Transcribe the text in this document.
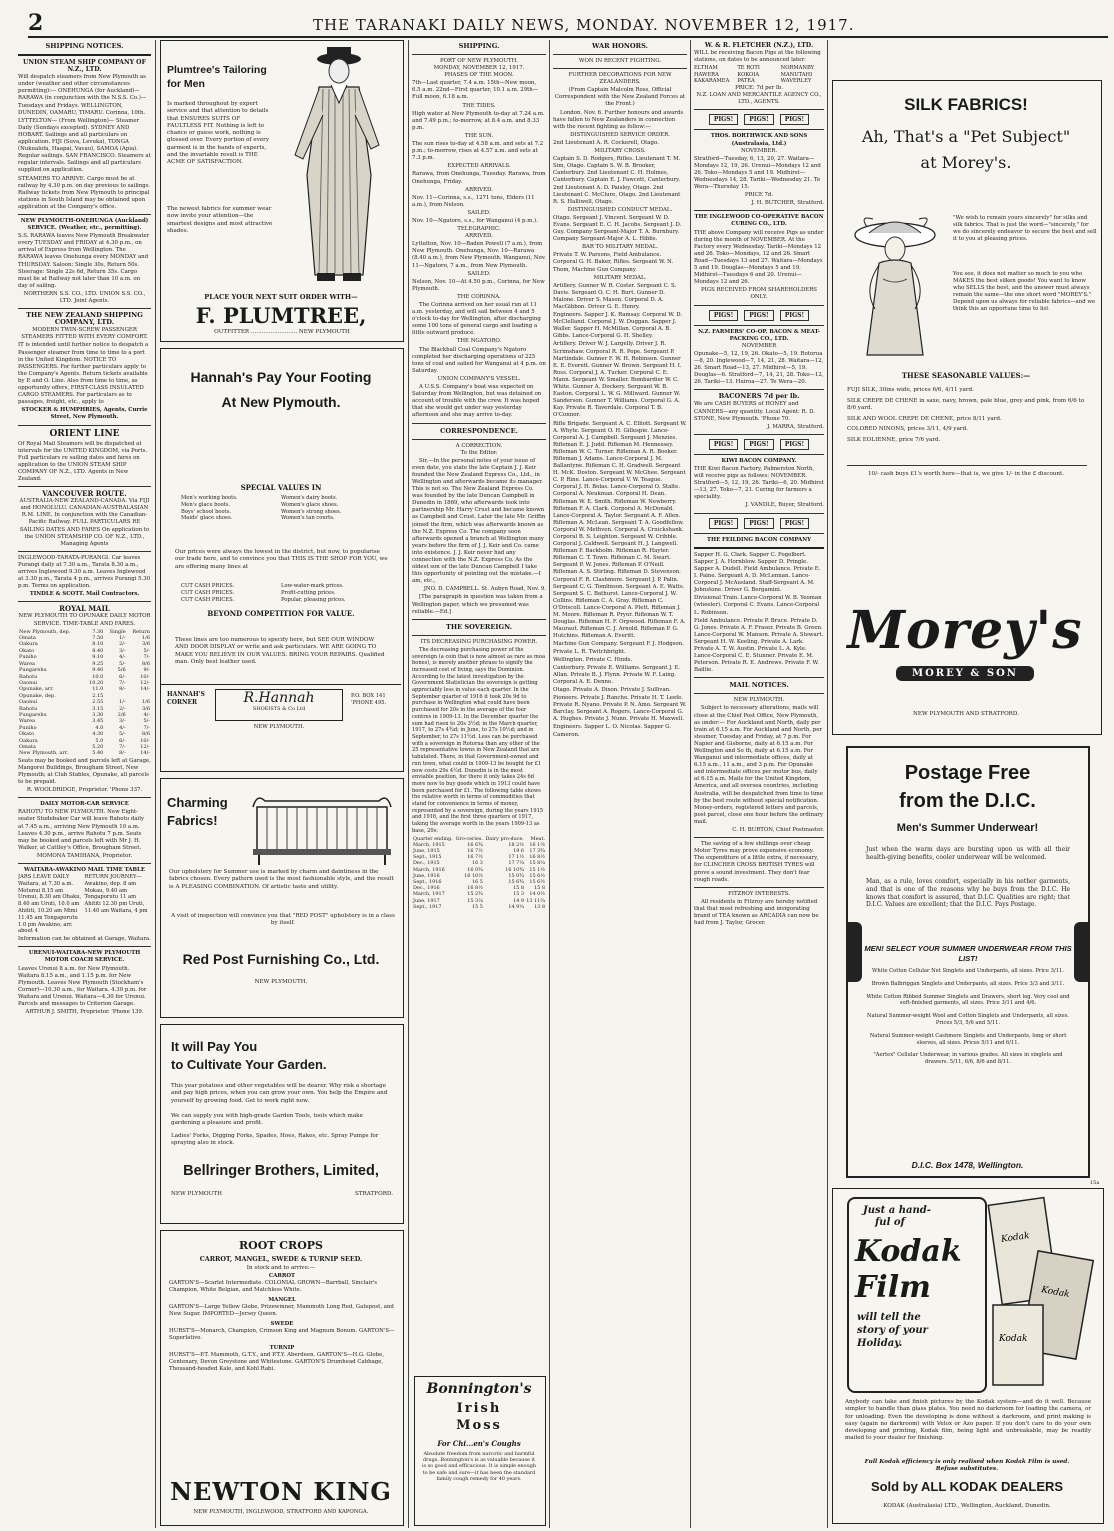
2	THE TARANAKI DAILY NEWS, MONDAY. NOVEMBER 12, 1917.
SHIPPING NOTICES.
UNION STEAM SHIP COMPANY OF N.Z., LTD.
Will despatch steamers from New Plymouth as under (weather and other circumstances permitting):— ONEHUNGA (for Auckland)— RARAWA (in conjunction with the N.S.S. Co.)—Tuesdays and Fridays. WELLINGTON, DUNEDIN, OAMARU, TIMARU. Corinna, 10th.
LYTTELTON— (From Wellington)— Steamer Daily (Sundays excepted). SYDNEY AND HOBART. Sailings and all particulars on application. FIJI (Suva, Levuka), TONGA (Nukualofa, Haapai, Vavau), SAMOA (Apia). Regular sailings. SAN FRANCISCO. Steamers at regular intervals. Sailings and all particulars supplied on application.
STEAMERS TO ARRIVE. Cargo must be at railway by 4.30 p.m. on day previous to sailings. Railway tickets from New Plymouth to principal stations in South Island may be obtained upon application at the Company's office.
NEW PLYMOUTH-ONEHUNGA (Auckland) SERVICE. (Weather, etc., permitting).
S.S. RARAWA leaves New Plymouth Breakwater every TUESDAY and FRIDAY at 4.30 p.m., on arrival of Express from Wellington. The RARAWA leaves Onehunga every MONDAY and THURSDAY. Saloon: Single 30s, Return 50s. Steerage: Single 22s 6d, Return 35s. Cargo must be at Railway not later than 10 a.m. on day of sailing.
NORTHERN S.S. CO., LTD. UNION S.S. CO., LTD. Joint Agents.
THE NEW ZEALAND SHIPPING COMPANY, LTD.
MODERN TWIN-SCREW PASSENGER STEAMERS FITTED WITH EVERY COMFORT.
IT is intended until further notice to despatch a Passenger steamer from time to time to a port in the United Kingdom. NOTICE TO PASSENGERS. For further particulars apply to the Company's Agents. Return tickets available by P. and O. Line. Also from time to time, as opportunity offers, FIRST-CLASS INSULATED CARGO STEAMERS. For particulars as to passages, freight, etc., apply to
STOCKER & HUMPHRIES, Agents, Currie Street, New Plymouth.
ORIENT LINE
Of Royal Mail Steamers will be dispatched at intervals for the UNITED KINGDOM, via Ports. Full particulars re sailing dates and fares on application to the UNION STEAM SHIP COMPANY OF N.Z., LTD. Agents in New Zealand.
VANCOUVER ROUTE.
AUSTRALIA-NEW ZEALAND-CANADA. Via FIJI and HONOLULU. CANADIAN-AUSTRALASIAN R.M. LINE. In conjunction with the Canadian-Pacific Railway. FULL PARTICULARS RE SAILING DATES AND FARES On application to the UNION STEAMSHIP CO. OF N.Z., LTD., Managing Agents
INGLEWOOD-TARATA-PURANGI. Car leaves Purangi daily at 7.30 a.m., Tarata 8.30 a.m., arrives Inglewood 9.30 a.m. Leaves Inglewood at 3.30 p.m., Tarata 4 p.m., arrives Purangi 5.30 p.m. Terms on application.
TINDLE & SCOTT. Mail Contractors.
ROYAL MAIL
NEW PLYMOUTH TO OPUNAKE DAILY MOTOR SERVICE. TIME-TABLE AND FARES.
New Plymouth, dep.	7.30	Single	Return
Omata	7.50	1/-	1/6
Oakura	8.10	2/-	3/6
Okato	8.40	3/-	5/-
Puniho	9.10	4/-	7/-
Warea	9.25	5/-	8/6
Pungarehu	9.40	5/6	9/-
Rahotu	10.0	6/-	10/-
Oaonui	10.20	7/-	12/-
Opunake, arr.	11.0	8/-	14/-
Opunake, dep.	2.15		
Oaonui	2.55	1/-	1/6
Rahotu	3.15	2/-	3/6
Pungarehu	3.30	2/6	4/-
Warea	3.45	3/-	5/-
Puniho	4.0	4/-	7/-
Okato	4.30	5/-	8/6
Oakura	5.0	6/-	10/-
Omata	5.20	7/-	12/-
New Plymouth, arr.	5.40	8/-	14/-
Seats may be booked and parcels left at Garage, Mangorei Buildings, Brougham Street, New Plymouth; at Club Stables, Opunake, all parcels to be prepaid.
R. WOOLDRIDGE, Proprietor. 'Phone 337.
DAILY MOTOR-CAR SERVICE
RAHOTU TO NEW PLYMOUTH. New Eight-seater Studebaker Car will leave Rahotu daily at 7.45 a.m., arriving New Plymouth 10 a.m. Leaves 4.30 p.m., arrive Rahotu 7 p.m. Seats may be booked and parcels left with Mr J. H. Walker, at Cattley's Office, Brougham Street.
MOMONA TAMIHANA, Proprietor.
WAITARA-AWAKINO MAIL TIME TABLE
JARS LEAVE DAILY Waitara, at 7.30 a.m. Motunui 8.15 am Urenui, 8.30 am Ohaku, 8.40 am Uruti, 10.0 am Ahititi, 10.20 am Mimi 11.45 am Tongaporutu 1.0 pm Awakino, arr. about 4
RETURN JOURNEY— Awakino, dep. 8 am Mokau, 9.40 am Tongaporutu 11 am Ahititi 12.30 pm Uruti, 11.40 am Waitara, 4 pm
Information can be obtained at Garage, Waitara.
URENUI-WAITARA-NEW PLYMOUTH MOTOR COACH SERVICE.
Leaves Urenui 8 a.m. for New Plymouth. Waitara 8.15 a.m., and 1.15 p.m. for New Plymouth. Leaves New Plymouth (Stockham's Corner)—10.30 a.m., for Waitara. 4.30 p.m. for Waitara and Urenui. Waitara—4.30 for Urenui. Parcels and messages to Criterion Garage.
ARTHUR J. SMITH, Proprietor. 'Phone 139.
Plumtree's Tailoring for Men
Is marked throughout by expert service and that attention to details that ENSURES SUITS OF FAULTLESS FIT. Nothing is left to chance or guess work, nothing is glossed over. Every portion of every garment is in the hands of experts, and the invariable result is THE ACME OF SATISFACTION.
The newest fabrics for summer wear now invite your attention—the smartest designs and most attractive shades.
PLACE YOUR NEXT SUIT ORDER WITH—
F. PLUMTREE,
OUTFITTER .......................... NEW PLYMOUTH
Hannah's Pay Your Footing
At New Plymouth.
SPECIAL VALUES IN
Men's working boots.
Men's glace boots.
Boys' school boots.
Maids' glace shoes.
Women's dairy boots.
Women's glace shoes.
Women's strong shoes.
Women's tan courts.
Our prices were always the lowest in the district, but now, to popularise our trade here, and to convince you that THIS IS THE SHOP FOR YOU, we are offering many lines at
CUT CASH PRICES.
CUT CASH PRICES.
CUT CASH PRICES.
Low-water-mark prices.
Profit-cutting prices.
Popular, pleasing prices.
BEYOND COMPETITION FOR VALUE.
These lines are too numerous to specify here, but SEE OUR WINDOW AND DOOR DISPLAY or write and ask particulars. WE ARE GOING TO MAKE YOU BELIEVE IN OUR VALUES. BRING YOUR REPAIRS. Qualified man. Only best leather used.
HANNAH'S CORNER	R.Hannah
SHOEISTS & Co Ltd
P.O. BOX 141 'PHONE 495.
NEW PLYMOUTH.
Charming
Fabrics!
Our upholstery for Summer use is marked by charm and daintiness in the fabrics chosen. Every pattern used is the most fashionable style, and the result is A PLEASING COMBINATION. Of artistic taste and utility.
A visit of inspection will convince you that "RED POST" upholstery is in a class by itself.
Red Post Furnishing Co., Ltd.
NEW PLYMOUTH.
It will Pay You
to Cultivate Your Garden.
This year potatoes and other vegetables will be dearer. Why risk a shortage and pay high prices, when you can grow your own. You help the Empire and yourself by growing food. Get to work right now.
We can supply you with high-grade Garden Tools, tools which make gardening a pleasure and profit.
Ladies' Forks, Digging Forks, Spades, Hoes, Rakes, etc. Spray Pumps for spraying also in stock.
Bellringer Brothers, Limited,
NEW PLYMOUTH	STRATFORD.
ROOT CROPS
CARROT, MANGEL, SWEDE & TURNIP SEED.
In stock and to arrive:—
CARROT
GARTON'S—Scarlet Intermediate. COLONIAL GROWN—Barrball, Sinclair's Champion, White Belgian, and Matchless White.
MANGEL
GARTON'S—Large Yellow Globe, Prizewinner, Mammoth Long Red, Gatepost, and New Sugar. IMPORTED—Jersey Queen.
SWEDE
HURST'S—Monarch, Champion, Crimson King and Magnum Bonum. GARTON'S—Superlative.
TURNIP
HURST'S—P.T. Mammoth, G.T.Y., and P.T.Y. Aberdeen. GARTON'S—H.G. Globe, Centenary, Devon Greystone and Whitestone. GARTON'S Drumhead Cabbage, Thousand-headed Kale, and Kohl Rabi.
NEWTON KING
NEW PLYMOUTH, INGLEWOOD, STRATFORD AND KAPONGA.
SHIPPING.
PORT OF NEW PLYMOUTH.
MONDAY, NOVEMBER 12, 1917.
PHASES OF THE MOON.
7th—Last quarter, 7.4 a.m. 15th—New moon, 6.5 a.m. 22nd—First quarter, 10.1 a.m. 29th—Full moon, 6.18 a.m.
THE TIDES.
High water at New Plymouth to-day at 7.24 a.m. and 7.49 p.m.; to-morrow, at 8.4 a.m. and 8.33 p.m.
THE SUN.
The sun rises to-day at 4.58 a.m. and sets at 7.2 p.m.; to-morrow, rises at 4.57 a.m. and sets at 7.3 p.m.
EXPECTED ARRIVALS.
Rarawa, from Onehunga, Tuesday. Rarawa, from Onehunga, Friday.
ARRIVED.
Nov. 11—Corinna, s.s., 1271 tons, Elders (11 a.m.), from Nelson.
SAILED.
Nov. 10—Ngatoro, s.s., for Wanganui (4 p.m.).
TELEGRAPHIC.
ARRIVED.
Lyttelton, Nov. 10—Baden Powell (7 a.m.), from New Plymouth. Onehunga, Nov. 10—Rarawa (8.40 a.m.), from New Plymouth. Wanganui, Nov. 11—Ngatoro, 7 a.m., from New Plymouth.
SAILED.
Nelson, Nov. 10—At 4.50 p.m., Corinna, for New Plymouth.
THE CORINNA.
The Corinna arrived on her usual run at 11 a.m. yesterday, and will sail between 4 and 5 o'clock to-day for Wellington, after discharging some 100 tons of general cargo and loading a little outward produce.
THE NGATORO.
The Blackball Coal Company's Ngatoro completed her discharging operations of 225 tons of coal and sailed for Wanganui at 4 p.m. on Saturday.
UNION COMPANY'S VESSEL.
A U.S.S. Company's boat was expected on Saturday from Wellington, but was detained on account of trouble with the crew. It was hoped that she would get under way yesterday afternoon and she may arrive to-day.
CORRESPONDENCE.
A CORRECTION.
To the Editor.
Sir,—In the personal notes of your issue of even date, you state the late Captain J. J. Keir founded the New Zealand Express Co., Ltd., in Wellington and afterwards became its manager. This is not so. The New Zealand Express Co. was founded by the late Duncan Campbell in Dunedin in 1869, who afterwards took into partnership Mr. Harry Crust and became known as Campbell and Crust. Later the late Mr. Griffin joined the firm, which was afterwards known as the N.Z. Express Co. The company soon afterwards opened a branch at Wellington many years before the firm of J. J. Keir and Co. came into existence. J. J. Keir never had any connection with the N.Z. Express Co. As the oldest son of the late Duncan Campbell I take this opportunity of pointing out the mistake.—I am, etc.,
JNO. D. CAMPBELL. St. Aubyn Road, Nov. 9.
[The paragraph in question was taken from a Wellington paper, which we presumed was reliable.—Ed.]
THE SOVEREIGN.
ITS DECREASING PURCHASING POWER.
The decreasing purchasing power of the sovereign (a coin that is now almost as rare as moa bones), is merely another phrase to signify the increased cost of living, says the Dominion. According to the latest investigation by the Government Statistician the sovereign is getting appreciably less in value each quarter. In the September quarter of 1916 it took 20s 9d to purchase in Wellington what could have been purchased for 20s in the average of the four centres in 1909-13. In the December quarter the sum had risen to 20s 3½d; in the March quarter, 1917, to 27s 4¾d; in June, to 27s 10½d; and in September, to 27s 11½d. Less can be purchased with a sovereign in Rotorua than any other of the 25 representative towns in New Zealand that are tabulated. There, in that Government-owned and run town, what could in 1909-13 be bought for £1 now costs 29s 4½d. Dunedin is in the most enviable position, for there it only takes 24s 6d more now to buy goods which in 1913 could have been purchased for £1. The following table shows the relative worth in terms of commodities that stand for convenience in terms of money, represented by a sovereign, during the years 1915 and 1916, and the first three quarters of 1917, taking the average worth in the years 1909-13 as base, 20s:
Quarter ending.	Gro-ceries.	Dairy pro-duce.	Meat.
March, 1915	16 6¾	18 2½	16 1½
June, 1915	16 7½	19 6	17 3¾
Sept., 1915	16 7½	17 1½	16 8½
Dec., 1915	16 3	17 7¼	15 8¼
March, 1916	16 0¾	16 10¾	15 1½
June, 1916	16 10½	15 0¾	15 6½
Sept., 1916	16 5	15 6¾	15 6½
Dec., 1916	16 8½	15 8	15 8
March, 1917	15 2¾	15 3	14 0½
June, 1917	15 3¼	14 9	13 11¼
Sept., 1917	15 5	14 9¼	13 8
Bonnington's
Irish
Moss
For Chi...en's Coughs
Absolute freedom from narcotic and harmful drugs. Bonnington's is as valuable because it is so good and efficacious. It is simple enough to be safe and sure—it has been the standard family cough remedy for 40 years.
WAR HONORS.
WON IN RECENT FIGHTING.
FURTHER DECORATIONS FOR NEW ZEALANDERS.
(From Captain Malcolm Ross, Official Correspondent with the New Zealand Forces at the Front.)
London, Nov. 6. Further honours and awards have fallen to New Zealanders in connection with the recent fighting as follow:—
DISTINGUISHED SERVICE ORDER.
2nd Lieutenant A. R. Cockerell, Otago.
MILITARY CROSS.
Captain S. D. Rodgers, Rifles. Lieutenant T. M. Sim, Otago. Captain S. W. B. Brooker, Canterbury. 2nd Lieutenant C. H. Holmes, Canterbury. Captain E. J. Fawcett, Canterbury. 2nd Lieutenant A. D. Paisley, Otago. 2nd Lieutenant C. McClure, Otago. 2nd Lieutenant R. S. Halliwell, Otago.
DISTINGUISHED CONDUCT MEDAL.
Otago. Sergeant J. Vincent. Sergeant W. D. Evans. Sergeant E. C. H. Jacobs. Sergeant J. D. Guy. Company Sergeant-Major T. A. Burnbury. Company Sergeant-Major A. L. Hibbs.
BAR TO MILITARY MEDAL.
Private T. W. Parsons, Field Ambulance. Corporal G. H. Baker, Rifles. Sergeant W. N. Thom, Machine Gun Company.
MILITARY MEDAL.
Artillery. Gunner W. R. Coster. Sergeant C. S. Davis. Sergeant O. C. H. Burt. Gunner D. Malone. Driver S. Mason. Corporal D. A. MacGibbon. Driver G. E. Henry.
Engineers. Sapper J. K. Ramsay. Corporal W. D. McClelland. Corporal J. W. Duggan. Sapper J. Waller. Sapper H. McMillan. Corporal A. B. Gibbs. Lance-Corporal G. H. Shelley.
Artillery. Driver W. J. Largelly. Driver J. R. Scrimshaw. Corporal R. R. Pope. Sergeant P. Martindale. Gunner F. W. H. Robinson. Gunner E. E. Everett. Gunner W. Brown. Sergeant H. I. Ross. Corporal J. A. Tucker. Corporal C. E. Mann. Sergeant W. Smaller. Bombardier W. C. White. Gunner A. Dockery. Sergeant W. B. Easton. Corporal L. W. G. Millward. Gunner W. Sanderson. Gunner T. Williams. Corporal G. A. Kay. Private R. Taverdale. Corporal T. B. O'Connor.
Rifle Brigade. Sergeant A. C. Elliott. Sergeant W. A. Whyte. Sergeant O. H. Gillespie. Lance-Corporal A. J. Campbell. Sergeant J. Menzies. Rifleman E. J. Judd. Rifleman M. Hennessey. Rifleman W. C. Turner. Rifleman A. R. Booker. Rifleman J. Adams. Lance-Corporal J. M. Ballantyne. Rifleman C. H. Gradwell. Sergeant H. McK. Doston. Sergeant W. McGhee. Sergeant C. P. Rine. Lance-Corporal V. W. Teague. Corporal J. H. Bolas. Lance-Corporal O. Stalte. Corporal A. Neukman. Corporal H. Dean. Rifleman W. E. Smith. Rifleman W. Newberry. Rifleman F. A. Clark. Corporal A. McDonald. Lance-Corporal A. Taylor. Sergeant A. F. Allen. Rifleman A. McLean. Sergeant T. A. Goodfellow. Corporal W. Methven. Corporal A. Cruickshank. Corporal B. S. Leighton. Sergeant W. Cribble. Corporal J. Caldwell. Sergeant H. J. Langwell. Rifleman F. Backholm. Rifleman R. Hayter. Rifleman C. T. Town. Rifleman C. M. Swart. Sergeant P. W. Jones. Rifleman P. O'Neill. Rifleman A. S. Stirling. Rifleman D. Stevenson. Corporal F. R. Clashmore. Sergeant J. P. Palin. Sergeant C. G. Tomlinson. Sergeant A. E. Watts. Sergeant S. C. Bathurst. Lance-Corporal J. W. Collins. Rifleman C. A. Gray. Rifleman C. O'Driscoll. Lance-Corporal A. Plett. Rifleman J. M. Moore. Rifleman R. Pryor. Rifleman W. T. Douglas. Rifleman H. F. Orpwood. Rifleman F. A. Mauraut. Rifleman C. J. Arnold. Rifleman P. G. Hutchins. Rifleman A. Everitt.
Machine Gun Company. Sergeant F. J. Hodgson. Private L. R. Twitchbright.
Wellington. Private C. Hinds.
Canterbury. Private E. Williams. Sergeant J. E. Allan. Private B. J. Flynn. Private W. F. Laing. Corporal A. E. Denne.
Otago. Private A. Dixon. Private J. Sullivan.
Pioneers. Private J. Rancho. Private H. T. Leefe. Private R. Nyano. Private P. N. Amo. Sergeant W. Barclay. Sergeant A. Rogers. Lance-Corporal G. A. Hughes. Private J. Nunn. Private H. Maxwell.
Engineers. Sapper L. O. Nicolas. Sapper G. Cameron.
W. & R. FLETCHER (N.Z.), LTD.
WILL be receiving Bacon Pigs at the following stations, on dates to be announced later:
ELTHAM	TE ROTI	NORMANBY
HAWERA	KOKOIA	MANUTAHI
KAKARAMEA	PATEA	WAVERLEY
PRICE: 7d per lb.
N.Z. LOAN AND MERCANTILE AGENCY CO., LTD., AGENTS.
PIGS!	PIGS!	PIGS!
THOS. BORTHWICK AND SONS (Australasia, Ltd.)
NOVEMBER.
Stratford—Tuesday, 6, 13, 20, 27. Waitara—Mondays 12, 19, 26. Urenui—Mondays 12 and 26. Toko—Mondays 5 and 19. Midhirst—Wednesdays 14, 28. Tariki—Wednesday 21. Te Wera—Thursday 15.
PRICE 7d.
J. H. BUTCHER, Stratford.
THE INGLEWOOD CO-OPERATIVE BACON CURING CO., LTD.
THE above Company will receive Pigs as under during the month of NOVEMBER. At the Factory every Wednesday. Tariki—Mondays 12 and 26. Toko—Mondays, 12 and 26. Smart Road—Tuesdays 13 and 27. Waitara—Mondays 5 and 19. Douglas—Mondays 5 and 19. Midhirst—Tuesdays 6 and 20. Urenui—Mondays 12 and 26.
PIGS RECEIVED FROM SHAREHOLDERS ONLY.
PIGS!	PIGS!	PIGS!
N.Z. FARMERS' CO-OP. BACON & MEAT-PACKING CO., LTD.
NOVEMBER
Opunake—5, 12, 19, 26. Okato—5, 19. Rotorua—8, 20. Inglewood—7, 14, 21, 28. Waitara—12, 26. Smart Road—13, 27. Midhirst—5, 19. Douglas—6. Stratford—7, 14, 21, 28. Toko—12, 26. Tariki—13. Huiroa—27. Te Wera—20.
BACONERS 7d per lb.
We are CASH BUYERS of HONEY and CANNERS—any quantity. Local Agent: R. D. STONE, New Plymouth. 'Phone 70.
J. MARRA, Stratford.
PIGS!	PIGS!	PIGS!
KIWI BACON COMPANY.
THE Kiwi Bacon Factory, Palmerston North, will receive pigs as follows: NOVEMBER. Stratford—5, 12, 19, 26. Tariki—6, 20. Midhirst—13, 27. Toko—7, 21. Curing for farmers a speciality.
J. VANDLE, Buyer, Stratford.
PIGS!	PIGS!	PIGS!
THE FEILDING BACON COMPANY
Sapper H. G. Clark. Sapper C. Fogolbert. Sapper J. A. Hornblow. Sapper D. Pringle. Sapper A. Dudell. Field Ambulance. Private E. I. Paine. Sergeant A. D. McLennan. Lance-Corporal J. McAusland. Staff-Sergeant A. M. Johnstone. Driver G. Bergamini.
Divisional Train. Lance-Corporal W. B. Yeoman (wheeler). Corporal C. Evans. Lance-Corporal L. Robinson.
Field Ambulance. Private P. Bruce. Private D. G. Jones. Private A. F. Fraser. Private B. Green. Lance-Corporal W. Manson. Private A. Stewart. Sergeant H. W. Keeling. Private A. Lark. Private A. T. W. Austin. Private L. A. Kyle. Lance-Corporal C. E. Stunner. Private E. M. Peterson. Private R. E. Andrews. Private F. W. Baillie.
MAIL NOTICES.
NEW PLYMOUTH.
Subject to necessary alterations, mails will close at the Chief Post Office, New Plymouth, as under:— For Auckland and North, daily per train at 6.15 a.m. For Auckland and North, per steamer, Tuesday and Friday, at 7 p.m. For Napier and Gisborne, daily at 6.15 a.m. For Wellington and So th, daily at 6.15 a.m. For Wanganui and intermediate offices, daily at 6.15 a.m., 11 a.m., and 3 p.m. For Opunake and intermediate offices per motor bus, daily at 6.15 a.m. Mails for the United Kingdom, America, and all oversea countries, including Australia, will be despatched from time to time by the best route without special notification. Money-orders, registered letters and parcels, post parcel, close one hour before the ordinary mail.
C. H. BURTON, Chief Postmaster.
The saving of a few shillings over cheap Motor Tyres may prove expensive economy. The expenditure of a little extra, if necessary, for CLINCHER CROSS BRITISH TYRES will prove a sound investment. They don't fear rough roads.
FITZROY INTERESTS.
All residents in Fitzroy are hereby notified that that most refreshing and invigorating brand of TEA known as ARCADIA can now be had from J. Taylor, Grocer.
SILK FABRICS!
Ah, That's a "Pet Subject"
at Morey's.
"We wish to remain yours sincerely" for silks and silk fabrics. That is just the word—"sincerely," for we do sincerely endeavor to secure the best and sell it to you at pleasing prices.
You see, it does not matter so much to you who MAKES the best silken goods! You want to know who SELLS the best, and the answer must always remain the same—the one short word "MOREY'S." Depend upon us always for reliable fabrics—and we think this an opportune time to list
THESE SEASONABLE VALUES:—
FUJI SILK, 30ins wide, prices 6/6, 4/11 yard.
SILK CREPE DE CHENE in saxe, navy, brown, pale blue, grey and pink, from 6/6 to 8/6 yard.
SILK AND WOOL CREPE DE CHENE, price 8/11 yard.
COLORED NINONS, prices 3/11, 4/9 yard.
SILK EOLIENNE, price 7/6 yard.
10/- cash buys £1's worth here—that is, we give 1/- in the £ discount.
Morey's
MOREY & SON
NEW PLYMOUTH AND STRATFORD.
Postage Free
from the D.I.C.
Men's Summer Underwear!
Just when the warm days are bursting upon us with all their health-giving benefits, cooler underwear will be welcomed.
Man, as a rule, loves comfort, especially in his nether garments, and that is one of the reasons why he buys from the D.I.C. He knows that comfort is assured, that D.I.C. Qualities are right; that D.I.C. Values are excellent; that the D.I.C. Pays Postage.
MEN! SELECT YOUR SUMMER UNDERWEAR FROM THIS LIST!
White Cotton Cellular Net Singlets and Underpants, all sizes. Price 3/11.
Brown Balbriggan Singlets and Underpants, all sizes. Price 3/3 and 3/11.
White Cotton Ribbed Summer Singlets and Drawers, short leg. Very cool and soft-finished garments, all sizes. Price 3/11 and 4/6.
Natural Summer-weight Wool and Cotton Singlets and Underpants, all sizes. Prices 5/3, 5/6 and 5/11.
Natural Summer-weight Cashmere Singlets and Underpants, long or short sleeves, all sizes. Prices 5/11 and 6/11.
"Aertex" Cellular Underwear, in various grades. All sizes in singlets and drawers. 5/11, 6/6, 8/6 and 8/11.
D.I.C. Box 1478, Wellington.
15a
Just a hand-
ful of
Kodak
Film
will tell the
story of your
Holiday.
Kodak
Kodak
Kodak
Anybody can take and finish pictures by the Kodak system—and do it well. Because simpler to handle than glass plates. You need no darkroom for loading the camera, or for unloading. Even the developing is done without a darkroom, and print making is easy (again no darkroom) with Velox or Azo paper. If you don't care to do your own developing and printing, Kodak film, being light and unbreakable, may be readily mailed to your dealer for finishing.
Full Kodak efficiency is only realised when Kodak Film is used. Refuse substitutes.
Sold by ALL KODAK DEALERS
KODAK (Australasia) LTD., Wellington, Auckland, Dunedin.
